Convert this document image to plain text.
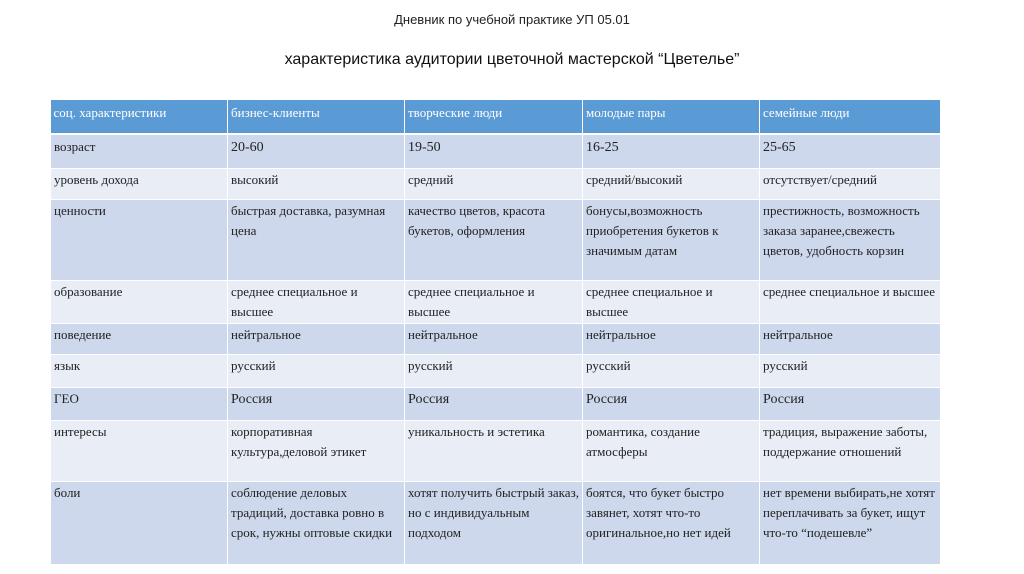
Дневник по учебной практике УП 05.01
характеристика аудитории цветочной мастерской “Цветелье”
соц. характеристики	бизнес-клиенты	творческие люди	молодые пары	семейные люди
возраст	20-60	19-50	16-25	25-65
уровень дохода	высокий	средний	средний/высокий	отсутствует/средний
ценности	быстрая доставка, разумная цена	качество цветов, красота букетов, оформления	бонусы,возможность приобретения букетов к значимым датам	престижность, возможность заказа заранее,свежесть цветов, удобность корзин
образование	среднее специальное и высшее	среднее специальное и высшее	среднее специальное и высшее	среднее специальное и высшее
поведение	нейтральное	нейтральное	нейтральное	нейтральное
язык	русский	русский	русский	русский
ГЕО	Россия	Россия	Россия	Россия
интересы	корпоративная культура,деловой этикет	уникальность и эстетика	романтика, создание атмосферы	традиция, выражение заботы, поддержание отношений
боли	соблюдение деловых традиций, доставка ровно в срок, нужны оптовые скидки	хотят получить быстрый заказ, но с индивидуальным подходом	боятся, что букет быстро завянет, хотят что-то оригинальное,но нет идей	нет времени выбирать,не хотят переплачивать за букет, ищут что-то “подешевле”
